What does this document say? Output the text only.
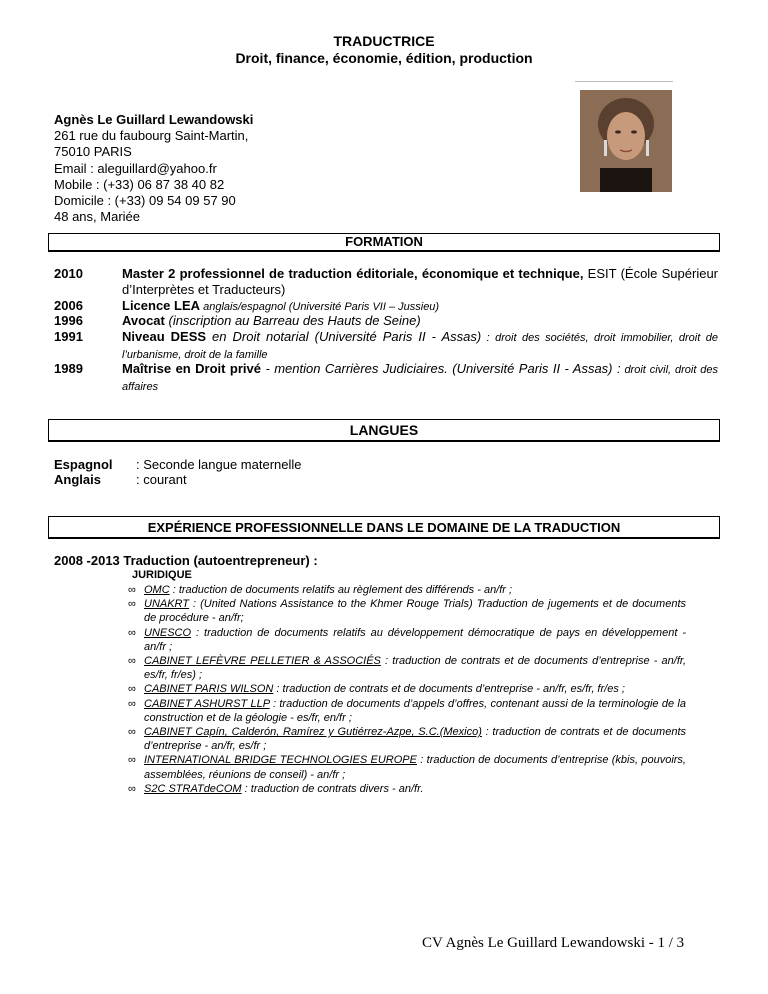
TRADUCTRICE
Droit, finance, économie, édition, production
Agnès Le Guillard Lewandowski
261 rue du faubourg Saint-Martin,
75010 PARIS
Email : aleguillard@yahoo.fr
Mobile : (+33) 06 87 38 40 82
Domicile : (+33) 09 54 09 57 90
48 ans, Mariée
FORMATION
2010	Master 2 professionnel de traduction éditoriale, économique et technique, ESIT (École Supérieur d’Interprètes et Traducteurs)
2006	Licence LEA anglais/espagnol (Université Paris VII – Jussieu)
1996	Avocat (inscription au Barreau des Hauts de Seine)
1991	Niveau DESS en Droit notarial (Université Paris II - Assas) : droit des sociétés, droit immobilier, droit de l’urbanisme, droit de la famille
1989	Maîtrise en Droit privé - mention Carrières Judiciaires. (Université Paris II - Assas) : droit civil, droit des affaires
LANGUES
Espagnol : Seconde langue maternelle
Anglais	: courant
EXPÉRIENCE PROFESSIONNELLE DANS LE DOMAINE DE LA TRADUCTION
2008 -2013 Traduction (autoentrepreneur) :
JURIDIQUE
∞ OMC : traduction de documents relatifs au règlement des différends - an/fr ;
∞ UNAKRT : (United Nations Assistance to the Khmer Rouge Trials) Traduction de jugements et de documents de procédure - an/fr;
∞ UNESCO : traduction de documents relatifs au développement démocratique de pays en développement - an/fr ;
∞ CABINET LEFÈVRE PELLETIER & ASSOCIÉS : traduction de contrats et de documents d’entreprise - an/fr, es/fr, fr/es) ;
∞ CABINET PARIS WILSON : traduction de contrats et de documents d’entreprise - an/fr, es/fr, fr/es ;
∞ CABINET ASHURST LLP : traduction de documents d’appels d’offres, contenant aussi de la terminologie de la construction et de la géologie - es/fr, en/fr ;
∞ CABINET Capín, Calderón, Ramírez y Gutiérrez-Azpe, S.C.(Mexico) : traduction de contrats et de documents d’entreprise - an/fr, es/fr ;
∞ INTERNATIONAL BRIDGE TECHNOLOGIES EUROPE : traduction de documents d’entreprise (kbis, pouvoirs, assemblées, réunions de conseil) - an/fr ;
∞ S2C STRATdeCOM : traduction de contrats divers - an/fr.
CV Agnès Le Guillard Lewandowski - 1 / 3
